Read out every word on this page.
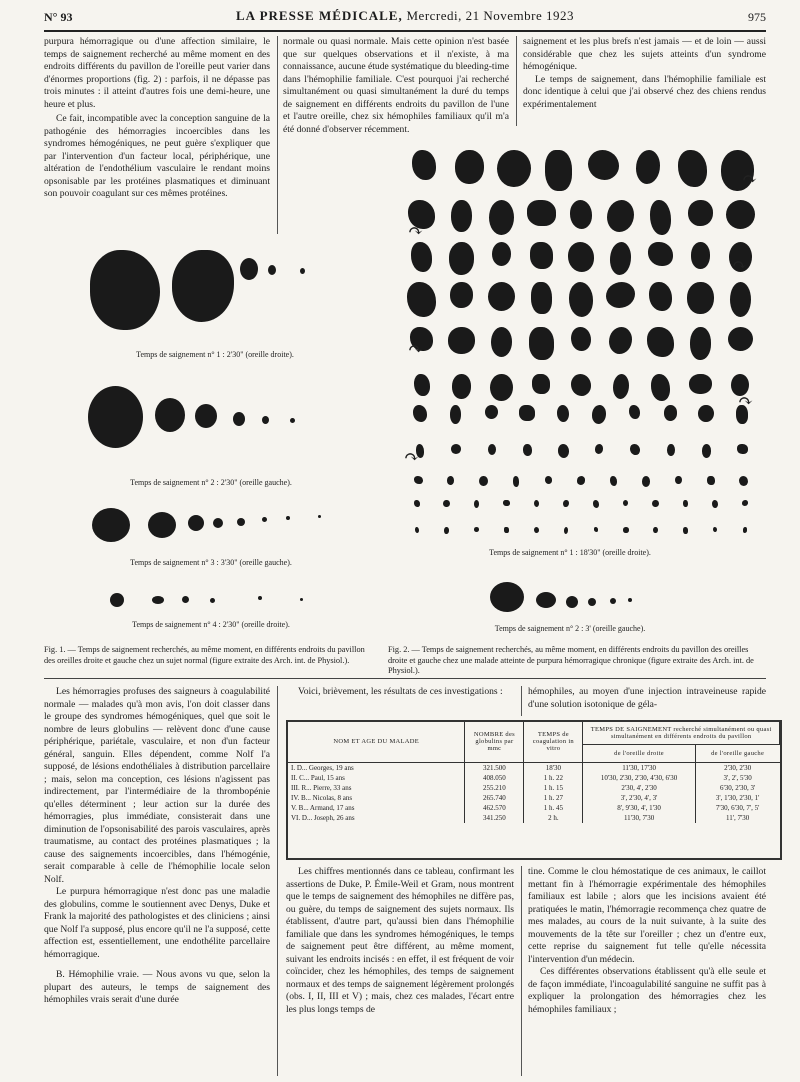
N° 93	LA PRESSE MÉDICALE, Mercredi, 21 Novembre 1923	975

purpura hémorragique ou d'une affection similaire, le temps de saignement recherché au même moment en des endroits différents du pavillon de l'oreille peut varier dans d'énormes proportions (fig. 2) : parfois, il ne dépasse pas trois minutes : il atteint d'autres fois une demi-heure, une heure et plus.

Ce fait, incompatible avec la conception sanguine de la pathogénie des hémorragies incoercibles dans les syndromes hémogéniques, ne peut guère s'expliquer que par l'intervention d'un facteur local, périphérique, une altération de l'endothélium vasculaire le rendant moins opsonisable par les protéines plasmatiques et diminuant son pouvoir coagulant sur ces mêmes protéines.

normale ou quasi normale. Mais cette opinion n'est basée que sur quelques observations et il n'existe, à ma connaissance, aucune étude systématique du bleeding-time dans l'hémophilie familiale. C'est pourquoi j'ai recherché simultanément ou quasi simultanément la duré du temps de saignement en différents endroits du pavillon de l'une et l'autre oreille, chez six hémophiles familiaux qu'il m'a été donné d'observer récemment.

saignement et les plus brefs n'est jamais — et de loin — aussi considérable que chez les sujets atteints d'un syndrome hémogénique.

Le temps de saignement, dans l'hémophilie familiale est donc identique à celui que j'ai observé chez des chiens rendus expérimentalement

Temps de saignement n° 1 : 2'30" (oreille droite).
Temps de saignement n° 2 : 2'30" (oreille gauche).
Temps de saignement n° 3 : 3'30" (oreille gauche).
Temps de saignement n° 4 : 2'30" (oreille droite).
↷
↷
↷
↷
↷
↷
Temps de saignement n° 1 : 18'30" (oreille droite).
Temps de saignement n° 2 : 3' (oreille gauche).
Fig. 1. — Temps de saignement recherchés, au même moment, en différents endroits du pavillon des oreilles droite et gauche chez un sujet normal (figure extraite des Arch. int. de Physiol.).
Fig. 2. — Temps de saignement recherchés, au même moment, en différents endroits du pavillon des oreilles droite et gauche chez une malade atteinte de purpura hémorragique chronique (figure extraite des Arch. int. de Physiol.).

Les hémorragies profuses des saigneurs à coagulabilité normale — malades qu'à mon avis, l'on doit classer dans le groupe des syndromes hémogéniques, quel que soit le nombre de leurs globulins — relèvent donc d'une cause périphérique, pariétale, vasculaire, et non d'un facteur général, sanguin. Elles dépendent, comme Nolf l'a supposé, de lésions endothéliales à distribution parcellaire ; mais, selon ma conception, ces lésions n'agissent pas indirectement, par l'intermédiaire de la thrombopénie qu'elles déterminent ; leur action sur la durée des hémorragies, plus immédiate, consisterait dans une diminution de l'opsonisabilité des parois vasculaires, après traumatisme, au contact des protéines plasmatiques ; la cause des saignements incoercibles, dans l'hémogénie, serait comparable à celle de l'hémophilie locale selon Nolf.

Le purpura hémorragique n'est donc pas une maladie des globulins, comme le soutiennent avec Denys, Duke et Frank la majorité des pathologistes et des cliniciens ; ainsi que Nolf l'a supposé, plus encore qu'il ne l'a supposé, cette affection est, essentiellement, une endothélite parcellaire hémorragique.

B. Hémophilie vraie. — Nous avons vu que, selon la plupart des auteurs, le temps de saignement des hémophiles vrais serait d'une durée

Voici, brièvement, les résultats de ces investigations :	hémophiles, au moyen d'une injection intraveineuse rapide d'une solution isotonique de géla-

NOM ET AGE DU MALADE	NOMBRE des globulins par mmc	TEMPS de coagulation in vitro	TEMPS DE SAIGNEMENT recherché simultanément ou quasi simultanément en différents endroits du pavillon	
			de l'oreille droite	de l'oreille gauche
I. D... Georges, 19 ans	321.500	18'30	11'30, 17'30	2'30, 2'30
II. C... Paul, 15 ans	408.050	1 h. 22	10'30, 2'30, 2'30, 4'30, 6'30	3', 2', 5'30
III. R... Pierre, 33 ans	255.210	1 h. 15	2'30, 4', 2'30	6'30, 2'30, 3'
IV. B... Nicolas, 8 ans	265.740	1 h. 27	3', 2'30, 4', 3'	3', 1'30, 2'30, 1'
V. B... Armand, 17 ans	462.570	1 h. 45	8', 9'30, 4', 1'30	7'30, 6'30, 7', 5'
VI. D... Joseph, 26 ans	341.250	2 h.	11'30, 7'30	11', 7'30

Les chiffres mentionnés dans ce tableau, confirmant les assertions de Duke, P. Émile-Weil et Gram, nous montrent que le temps de saignement des hémophiles ne diffère pas, ou guère, du temps de saignement des sujets normaux. Ils établissent, d'autre part, qu'aussi bien dans l'hémophilie familiale que dans les syndromes hémogéniques, le temps de saignement peut être différent, au même moment, suivant les endroits incisés : en effet, il est fréquent de voir coïncider, chez les hémophiles, des temps de saignement normaux et des temps de saignement légèrement prolongés (obs. I, II, III et V) ; mais, chez ces malades, l'écart entre les plus longs temps de

tine. Comme le clou hémostatique de ces animaux, le caillot mettant fin à l'hémorragie expérimentale des hémophiles familiaux est labile ; alors que les incisions avaient été pratiquées le matin, l'hémorragie recommença chez quatre de mes malades, au cours de la nuit suivante, à la suite des mouvements de la tête sur l'oreiller ; chez un d'entre eux, cette reprise du saignement fut telle qu'elle nécessita l'intervention d'un médecin.

Ces différentes observations établissent qu'à elle seule et de façon immédiate, l'incoagulabilité sanguine ne suffit pas à expliquer la prolongation des hémorragies chez les hémophiles familiaux ;
